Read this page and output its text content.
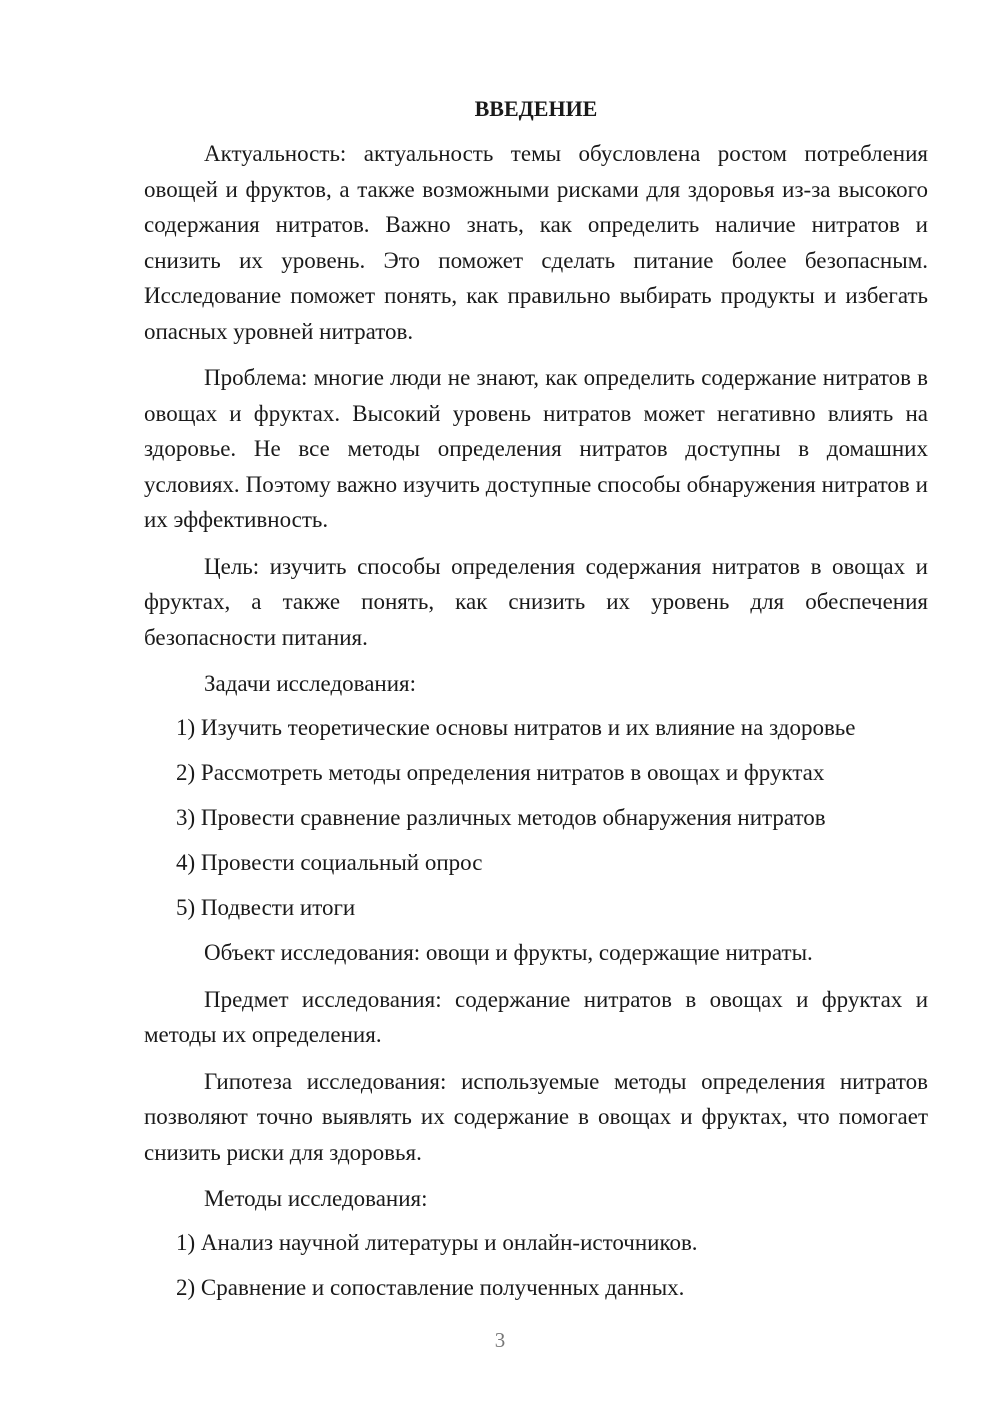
ВВЕДЕНИЕ

Актуальность: актуальность темы обусловлена ростом потребления овощей и фруктов, а также возможными рисками для здоровья из-за высокого содержания нитратов. Важно знать, как определить наличие нитратов и снизить их уровень. Это поможет сделать питание более безопасным. Исследование поможет понять, как правильно выбирать продукты и избегать опасных уровней нитратов.

Проблема: многие люди не знают, как определить содержание нитратов в овощах и фруктах. Высокий уровень нитратов может негативно влиять на здоровье. Не все методы определения нитратов доступны в домашних условиях. Поэтому важно изучить доступные способы обнаружения нитратов и их эффективность.

Цель: изучить способы определения содержания нитратов в овощах и фруктах, а также понять, как снизить их уровень для обеспечения безопасности питания.

Задачи исследования:

1) Изучить теоретические основы нитратов и их влияние на здоровье

2) Рассмотреть методы определения нитратов в овощах и фруктах

3) Провести сравнение различных методов обнаружения нитратов

4) Провести социальный опрос

5) Подвести итоги

Объект исследования: овощи и фрукты, содержащие нитраты.

Предмет исследования: содержание нитратов в овощах и фруктах и методы их определения.

Гипотеза исследования: используемые методы определения нитратов позволяют точно выявлять их содержание в овощах и фруктах, что помогает снизить риски для здоровья.

Методы исследования:

1) Анализ научной литературы и онлайн-источников.

2) Сравнение и сопоставление полученных данных.

3
